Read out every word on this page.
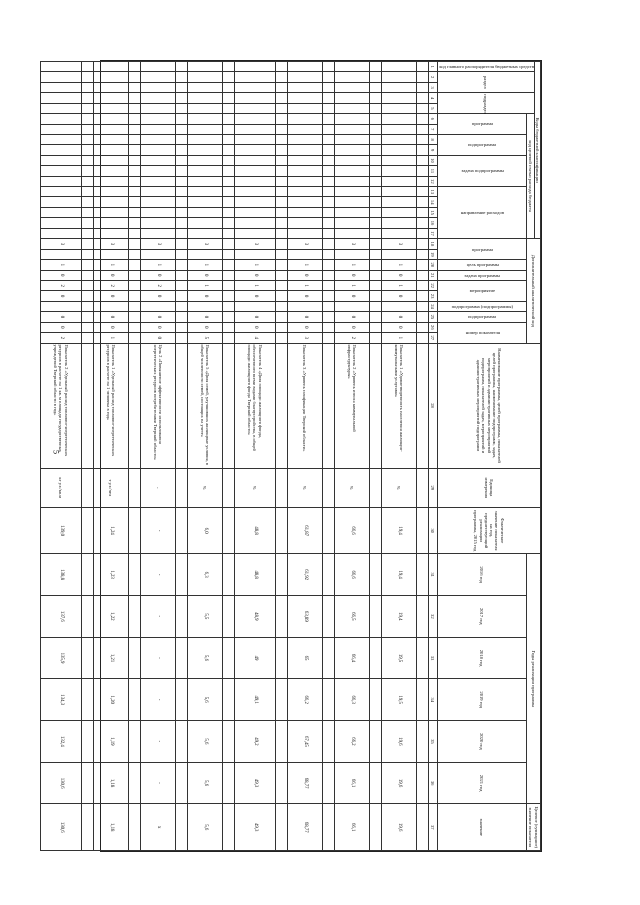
5
Коды бюджетной классификации																	Дополнительный аналитический код										Наименование программы, целей программы, показателей целей программы, наименование подпрограмм, задач, мероприятий и административных мероприятий подпрограмм, показателей задач, мероприятий и административных мероприятий подпрограмм	Единица измерения	Фактическое значение показателя на год, предшествующий реализации программы, 2015 год	Годы реализации программы						Целевое (суммарное) значение показателя
код главного распорядителя бюджетных средств	раздел		подраздел		код целевой статьи расхода бюджета																															
					программа		подпрограмма		задача подпрограммы			направление расходов					программа		цель программы	задача программы	мероприятие		подпрограмма (подпрограммы)	подпрограмма	номер показателя					2016 год	2017 год	2018 год	2019 год	2020 год	2021 год	значение
1	2	3	4	5	6	7	8	9	10	11	12	13	14	15	16	17	18	19	20	21	22	23	24	25	26	27	28	29	30	31	32	33	34	35	36	37

																	3		1	0	1	0		0	0	1	Показатель 1 «Удовлетворенность населения жилищно-коммунальными услугами»	%	19,4	19,4	19,4	19,5	19,5	19,6	19,6	19,6

																	3		1	0	1	0		0	0	2	Показатель 2 «Уровень износа коммунальной инфраструктуры»	%	66,6	66,6	66,5	66,4	66,3	66,2	66,1	66,1

																	3		1	0	1	0		0	0	3	Показатель 3 «Уровень газификации Тверской области»	%	61,87	61,92	63,89	65	66,2	67,45	68,77	68,77

																	3		1	0	1	0		0	0	4	Показатель 4 «Доля площади жилищного фонда, обеспеченного всеми видами благоустройства, в общей площади жилищного фонда Тверской области»	%	48,8	48,8	48,9	49	49,1	49,2	49,3	49,3

																	3		1	0	1	0		0	0	5	Показатель 5 «Доля семей, улучшивших жилищные условия, в общей численности семей, состоящих на учете»	%	6,0	6,3	5,5	5,6	5,6	5,6	5,6	5,6

																	3		1	0	2	0		0	0	0	Цель 2 «Повышение эффективности использования энергетических ресурсов потребителями Тверской области»	-	-	-	-	-	-	-	-	x

																	3		1	0	2	0		0	0	1	Показатель 1 «Удельный расход топливно-энергетических ресурсов в расчете на 1 человека в год»	т у.т./чел	1,24	1,23	1,22	1,21	1,20	1,19	1,18	1,18

																	3		1	0	2	0		0	0	2	Показатель 2 «Удельный расход топливно-энергетических ресурсов в расчете на 1 кв. м площади государственных учреждений Тверской области в год»	кг у.т./кв.м	139,0	138,8	137,6	135,9	134,3	132,4	130,6	130,6
